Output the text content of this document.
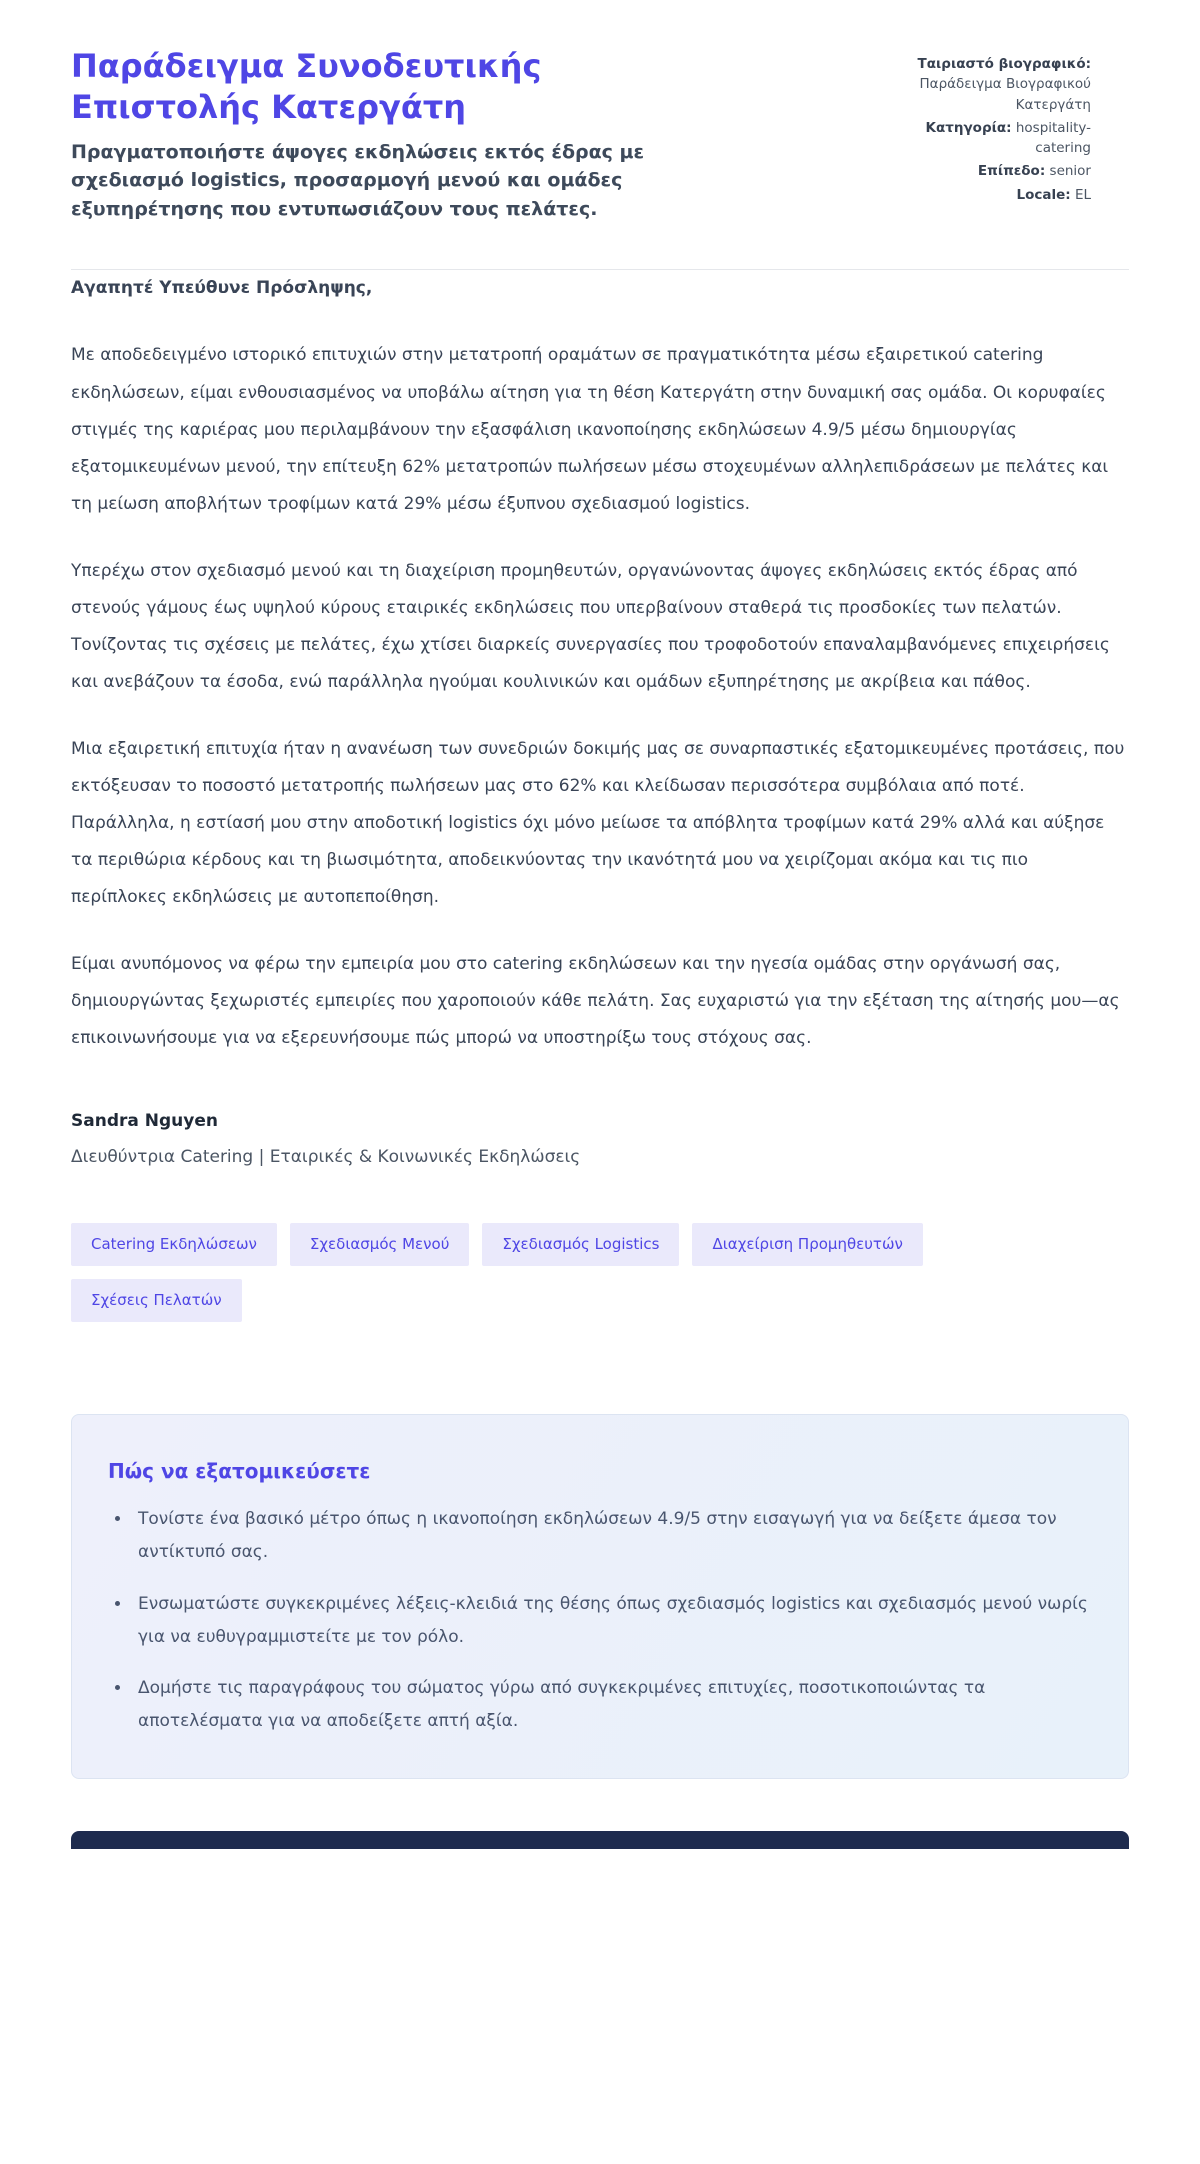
Παράδειγμα Συνοδευτικής Επιστολής Κατεργάτη

Πραγματοποιήστε άψογες εκδηλώσεις εκτός έδρας με σχεδιασμό logistics, προσαρμογή μενού και ομάδες εξυπηρέτησης που εντυπωσιάζουν τους πελάτες.

Ταιριαστό βιογραφικό: Παράδειγμα Βιογραφικού Κατεργάτη
Κατηγορία: hospitality-catering
Επίπεδο: senior
Locale: EL

Αγαπητέ Υπεύθυνε Πρόσληψης,

Με αποδεδειγμένο ιστορικό επιτυχιών στην μετατροπή οραμάτων σε πραγματικότητα μέσω εξαιρετικού catering εκδηλώσεων, είμαι ενθουσιασμένος να υποβάλω αίτηση για τη θέση Κατεργάτη στην δυναμική σας ομάδα. Οι κορυφαίες στιγμές της καριέρας μου περιλαμβάνουν την εξασφάλιση ικανοποίησης εκδηλώσεων 4.9/5 μέσω δημιουργίας εξατομικευμένων μενού, την επίτευξη 62% μετατροπών πωλήσεων μέσω στοχευμένων αλληλεπιδράσεων με πελάτες και τη μείωση αποβλήτων τροφίμων κατά 29% μέσω έξυπνου σχεδιασμού logistics.

Υπερέχω στον σχεδιασμό μενού και τη διαχείριση προμηθευτών, οργανώνοντας άψογες εκδηλώσεις εκτός έδρας από στενούς γάμους έως υψηλού κύρους εταιρικές εκδηλώσεις που υπερβαίνουν σταθερά τις προσδοκίες των πελατών. Τονίζοντας τις σχέσεις με πελάτες, έχω χτίσει διαρκείς συνεργασίες που τροφοδοτούν επαναλαμβανόμενες επιχειρήσεις και ανεβάζουν τα έσοδα, ενώ παράλληλα ηγούμαι κουλινικών και ομάδων εξυπηρέτησης με ακρίβεια και πάθος.

Μια εξαιρετική επιτυχία ήταν η ανανέωση των συνεδριών δοκιμής μας σε συναρπαστικές εξατομικευμένες προτάσεις, που εκτόξευσαν το ποσοστό μετατροπής πωλήσεων μας στο 62% και κλείδωσαν περισσότερα συμβόλαια από ποτέ. Παράλληλα, η εστίασή μου στην αποδοτική logistics όχι μόνο μείωσε τα απόβλητα τροφίμων κατά 29% αλλά και αύξησε τα περιθώρια κέρδους και τη βιωσιμότητα, αποδεικνύοντας την ικανότητά μου να χειρίζομαι ακόμα και τις πιο περίπλοκες εκδηλώσεις με αυτοπεποίθηση.

Είμαι ανυπόμονος να φέρω την εμπειρία μου στο catering εκδηλώσεων και την ηγεσία ομάδας στην οργάνωσή σας, δημιουργώντας ξεχωριστές εμπειρίες που χαροποιούν κάθε πελάτη. Σας ευχαριστώ για την εξέταση της αίτησής μου—ας επικοινωνήσουμε για να εξερευνήσουμε πώς μπορώ να υποστηρίξω τους στόχους σας.

Sandra Nguyen
Διευθύντρια Catering | Εταιρικές & Κοινωνικές Εκδηλώσεις
Catering Εκδηλώσεων	Σχεδιασμός Μενού	Σχεδιασμός Logistics	Διαχείριση Προμηθευτών
Σχέσεις Πελατών
Πώς να εξατομικεύσετε
• Τονίστε ένα βασικό μέτρο όπως η ικανοποίηση εκδηλώσεων 4.9/5 στην εισαγωγή για να δείξετε άμεσα τον αντίκτυπό σας.
• Ενσωματώστε συγκεκριμένες λέξεις-κλειδιά της θέσης όπως σχεδιασμός logistics και σχεδιασμός μενού νωρίς για να ευθυγραμμιστείτε με τον ρόλο.
• Δομήστε τις παραγράφους του σώματος γύρω από συγκεκριμένες επιτυχίες, ποσοτικοποιώντας τα αποτελέσματα για να αποδείξετε απτή αξία.
